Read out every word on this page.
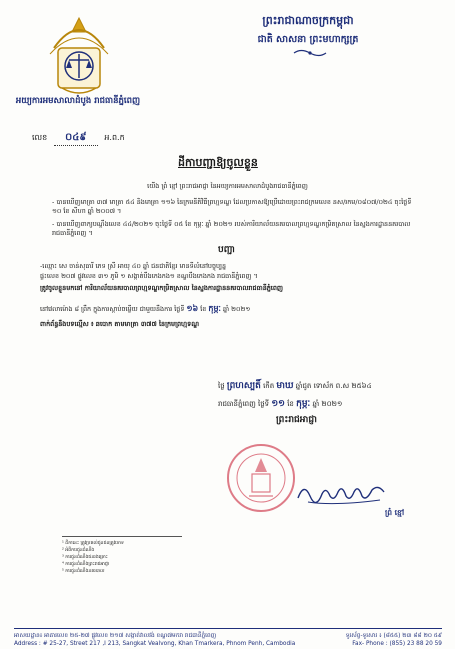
អយ្យការអមសាលាដំបូង រាជធានីភ្នំពេញ
ព្រះរាជាណាចក្រកម្ពុជា
ជាតិ សាសនា ព្រះមហាក្សត្រ
លេខ ០៤៩ អ.ព.ក
ដីកាបញ្ជាឱ្យចូលខ្លួន
យើង ព្រំ ខ្មៅ ព្រះរាជអាជ្ញា នៃអយ្យការអមសាលាដំបូងរាជធានីភ្នំពេញ
- បានឃើញមាត្រា ៣៧ មាត្រា ៥៤ និងមាត្រា ១១៦ នៃក្រមនីតិវិធីព្រហ្មទណ្ឌ ដែលប្រកាសឱ្យប្រើដោយព្រះរាជក្រមលេខ នស/រកម/០៨០៧/០២៤ ចុះថ្ងៃទី ១០ ខែ សីហា ឆ្នាំ ២០០៧ ។
- បានឃើញពាក្យបណ្តឹងលេខ ៤៤/២០២១ ចុះថ្ងៃទី ០៥ ខែ កុម្ភៈ ឆ្នាំ ២០២១ របស់ការិយាល័យនគរបាលព្រហ្មទណ្ឌកម្រិតស្រាល នៃស្នងការដ្ឋាននគរបាលរាជធានីភ្នំពេញ ។
បញ្ជា
-ឈ្មោះ សេ ចាន់សុធារី ភេទ ស្រី អាយុ ៤០ ឆ្នាំ ជនជាតិខ្មែរ មានទីលំនៅបច្ចុប្បន្ន
ផ្ទះលេខ ២០៧ ផ្លូវលេខ ៣១ ភូមិ ១ សង្កាត់បឹងកេងកង១ ខណ្ឌបឹងកេងកង រាជធានីភ្នំពេញ ។
ត្រូវចូលខ្លួនមកនៅ ការិយាល័យនគរបាលព្រហ្មទណ្ឌកម្រិតស្រាល នៃស្នងការដ្ឋាននគរបាលរាជធានីភ្នំពេញ
នៅវេលាម៉ោង ៨ ព្រឹក ក្នុងការស្តាប់ចម្លើយ ជាមួយនឹងការ ថ្ងៃទី ១៦ ខែ កុម្ភៈ ឆ្នាំ ២០២១
ពាក់ព័ន្ធនឹងបទល្មើស ៖ ឆបោក តាមមាត្រា ៣៧៧ នៃក្រមព្រហ្មទណ្ឌ
ថ្ងៃ ព្រហស្បតិ៍ កើត មាឃ ឆ្នាំជូត ទោស័ក ព.ស ២៥៦៤
រាជធានីភ្នំពេញ ថ្ងៃទី ១១ ខែ កុម្ភៈ ឆ្នាំ ២០២១
ព្រះរាជអាជ្ញា
ព្រំ ខ្មៅ
¹ ដីកានេះ ត្រូវប្រគល់ជូនជនត្រូវចោទ
² អំពីការជូនដំណឹង
³ ការជូនដំណឹងជនរងគ្រោះ
⁴ ការជូនដំណឹងព្រះរាជអាជ្ញា
⁵ ការជូនដំណឹងនគរបាល
អាសយដ្ឋាន៖ អាគារលេខ ២៥-២៧ ផ្លូវលេខ ២១៧ សង្កាត់វាលវង់ ខណ្ឌ៧មករា រាជធានីភ្នំពេញ	ទូរស័ព្ទ-ទូរសារ ៖ (៨៥៥) ២៣ ៨៨ ២០ ៥៩
Address : # 25-27, Street 217 ,I 213, Sangkat Vealvong, Khan Tmarkera, Phnom Penh, Cambodia	Fax- Phone : (855) 23 88 20 59
